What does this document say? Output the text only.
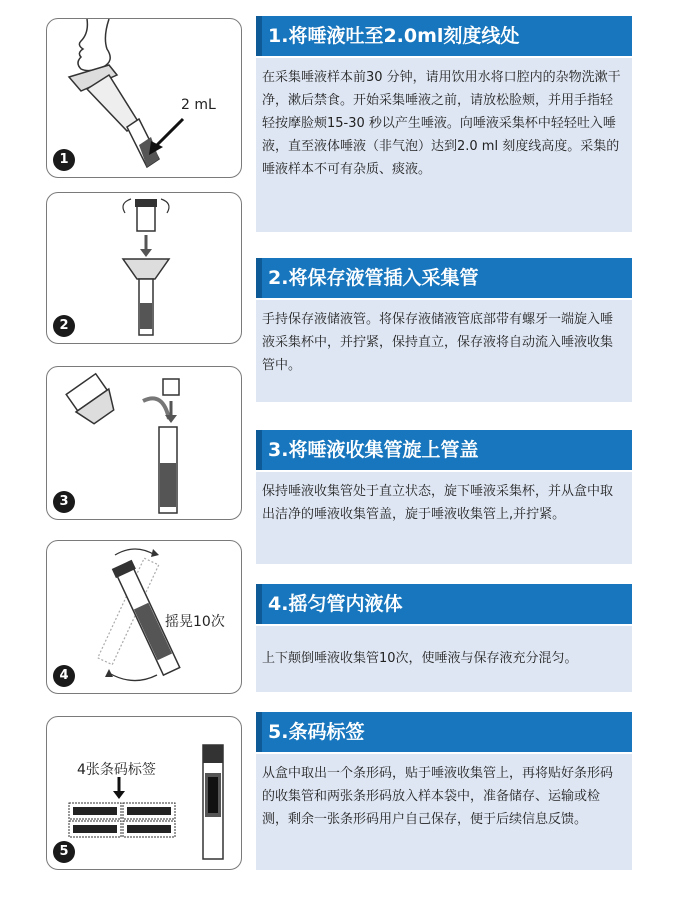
2 mL
1
1.将唾液吐至2.0ml刻度线处
在采集唾液样本前30 分钟，请用饮用水将口腔内的杂物洗漱干净，漱后禁食。开始采集唾液之前，请放松脸颊，并用手指轻轻按摩脸颊15-30 秒以产生唾液。向唾液采集杯中轻轻吐入唾液，直至液体唾液（非气泡）达到2.0 ml 刻度线高度。采集的唾液样本不可有杂质、痰液。
2
2.将保存液管插入采集管
手持保存液储液管。将保存液储液管底部带有螺牙一端旋入唾液采集杯中，并拧紧，保持直立，保存液将自动流入唾液收集管中。
3
3.将唾液收集管旋上管盖
保持唾液收集管处于直立状态，旋下唾液采集杯，并从盒中取出洁净的唾液收集管盖，旋于唾液收集管上,并拧紧。
摇晃10次
4
4.摇匀管内液体
上下颠倒唾液收集管10次，使唾液与保存液充分混匀。
4张条码标签
5
5.条码标签
从盒中取出一个条形码，贴于唾液收集管上，再将贴好条形码的收集管和两张条形码放入样本袋中，准备储存、运输或检测，剩余一张条形码用户自己保存，便于后续信息反馈。
